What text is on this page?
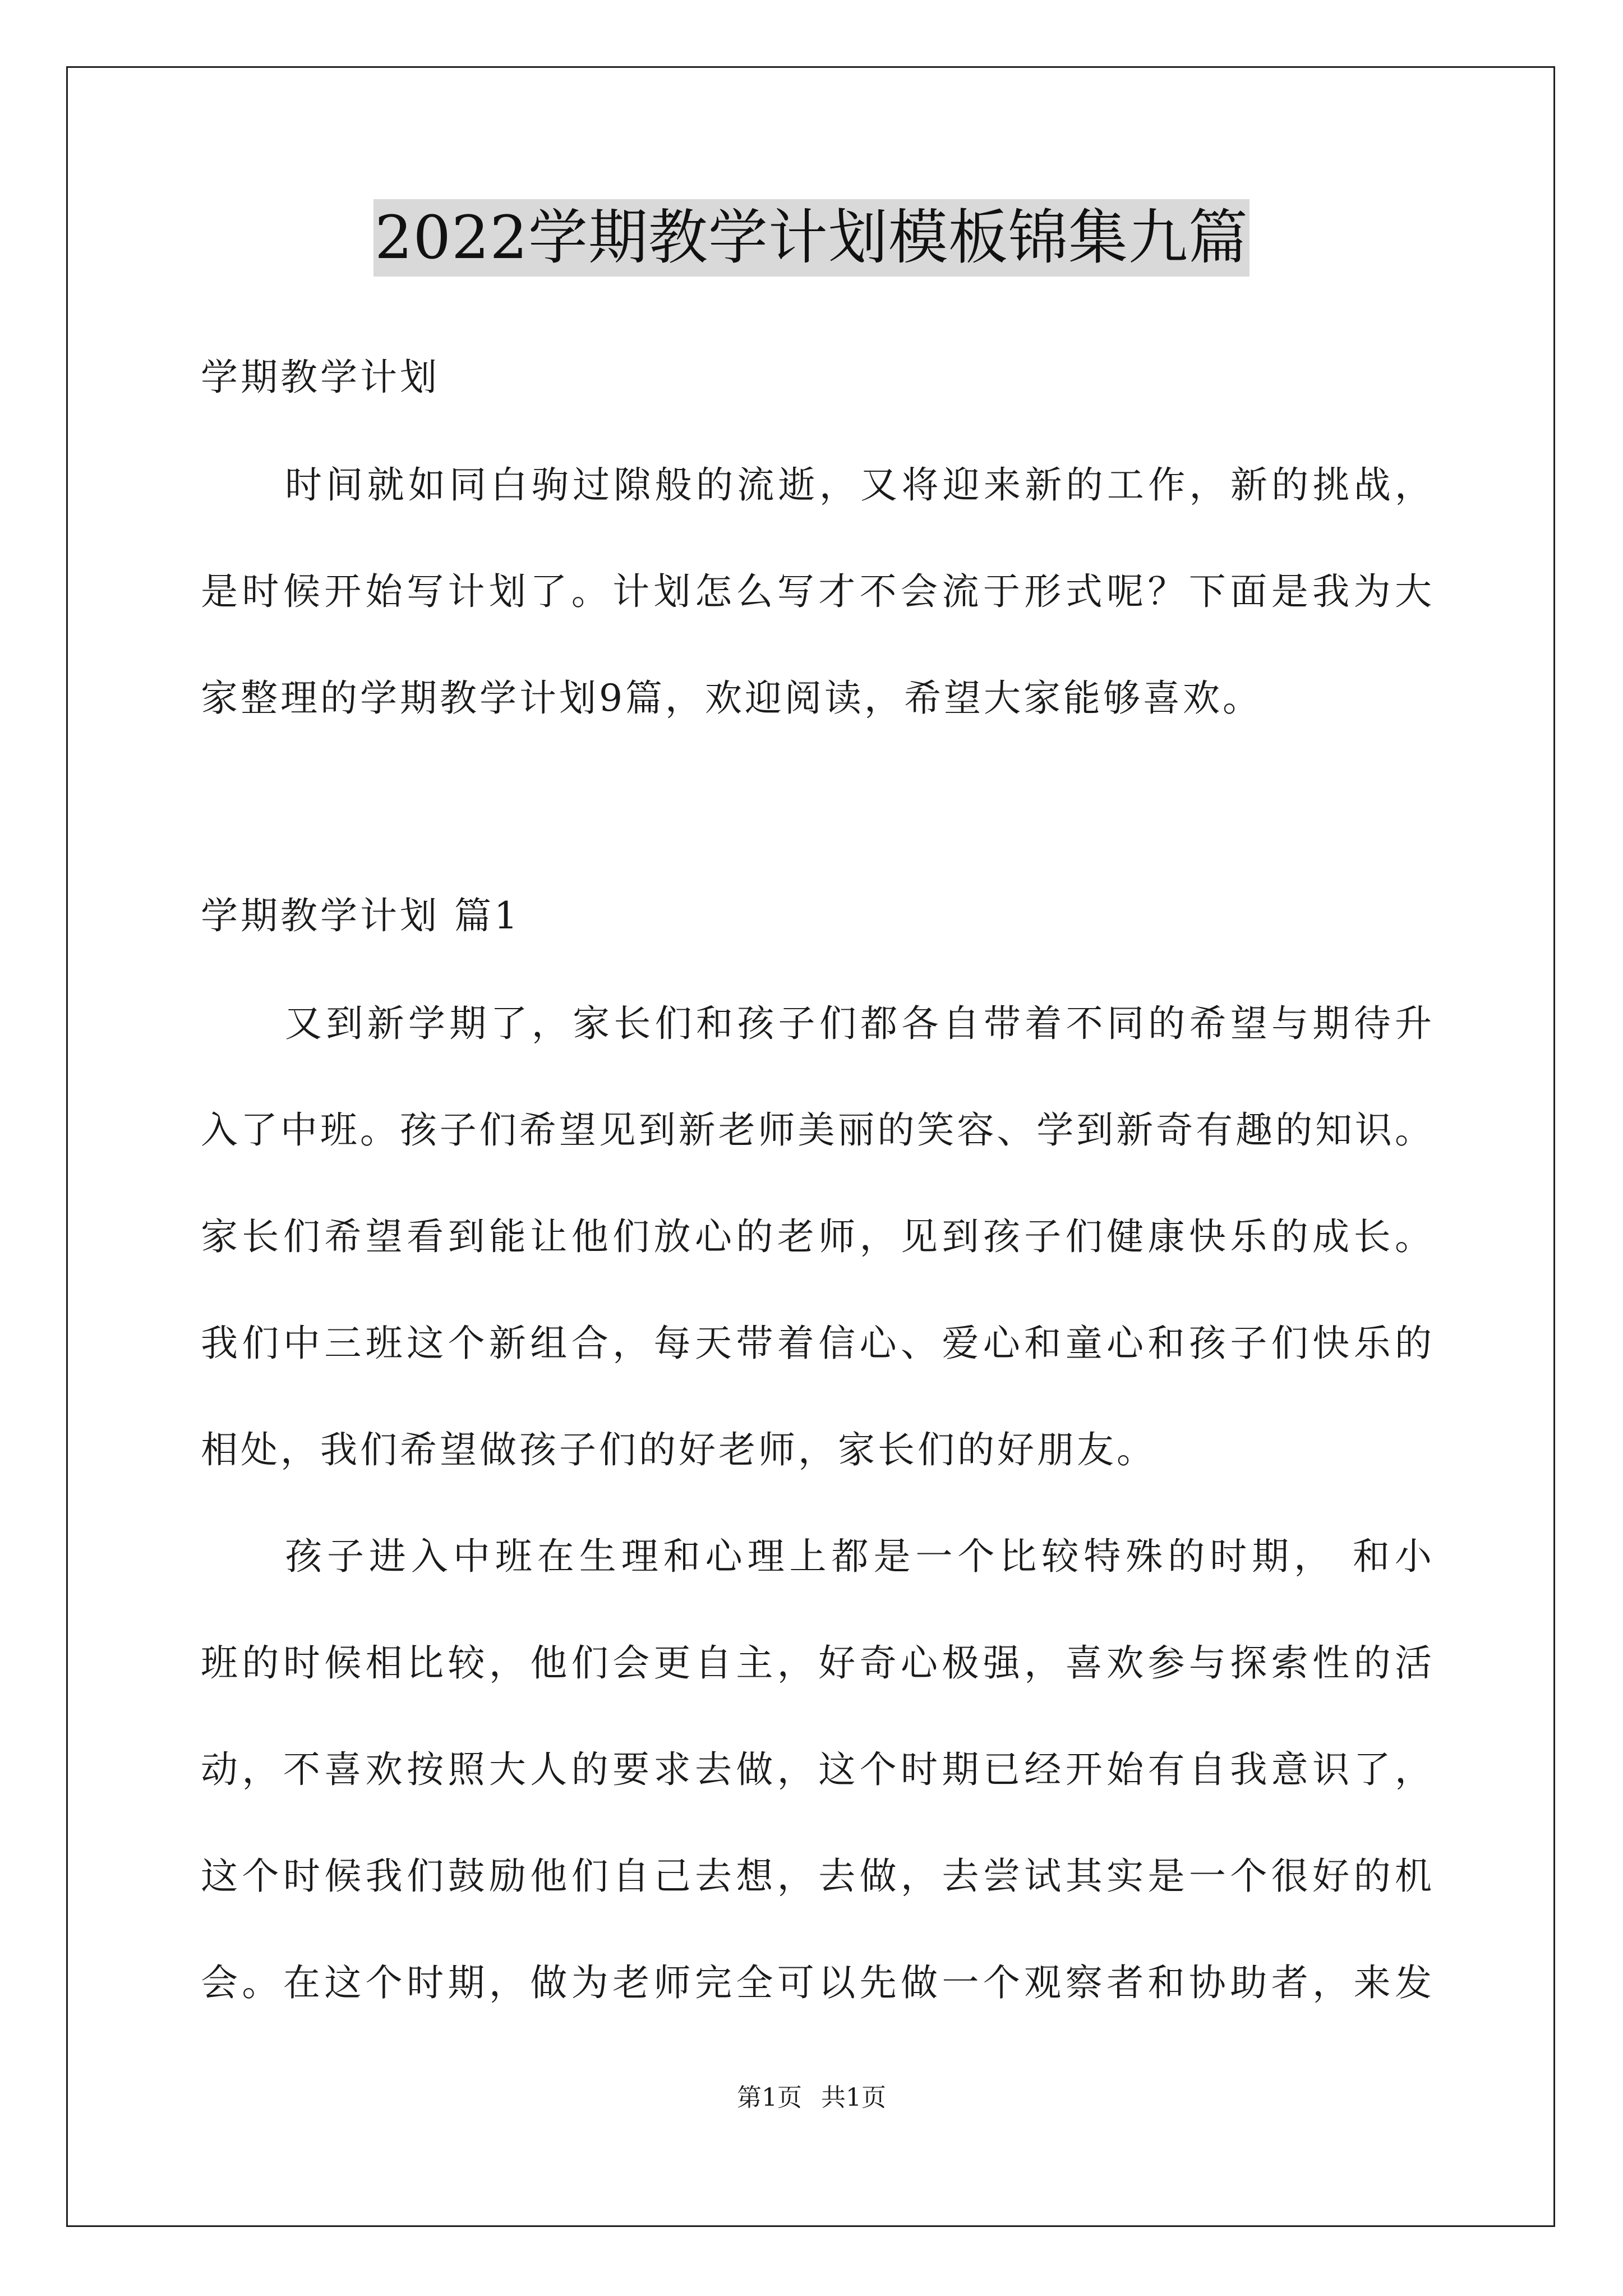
2022学期教学计划模板锦集九篇
学期教学计划
时间就如同白驹过隙般的流逝，又将迎来新的工作，新的挑战，
是时候开始写计划了。计划怎么写才不会流于形式呢？下面是我为大
家整理的学期教学计划9篇，欢迎阅读，希望大家能够喜欢。
学期教学计划 篇1
又到新学期了，家长们和孩子们都各自带着不同的希望与期待升
入了中班。孩子们希望见到新老师美丽的笑容、学到新奇有趣的知识。
家长们希望看到能让他们放心的老师，见到孩子们健康快乐的成长。
我们中三班这个新组合，每天带着信心、爱心和童心和孩子们快乐的
相处，我们希望做孩子们的好老师，家长们的好朋友。
孩子进入中班在生理和心理上都是一个比较特殊的时期， 和小
班的时候相比较，他们会更自主，好奇心极强，喜欢参与探索性的活
动，不喜欢按照大人的要求去做，这个时期已经开始有自我意识了，
这个时候我们鼓励他们自己去想，去做，去尝试其实是一个很好的机
会。在这个时期，做为老师完全可以先做一个观察者和协助者，来发
第1页 共1页
